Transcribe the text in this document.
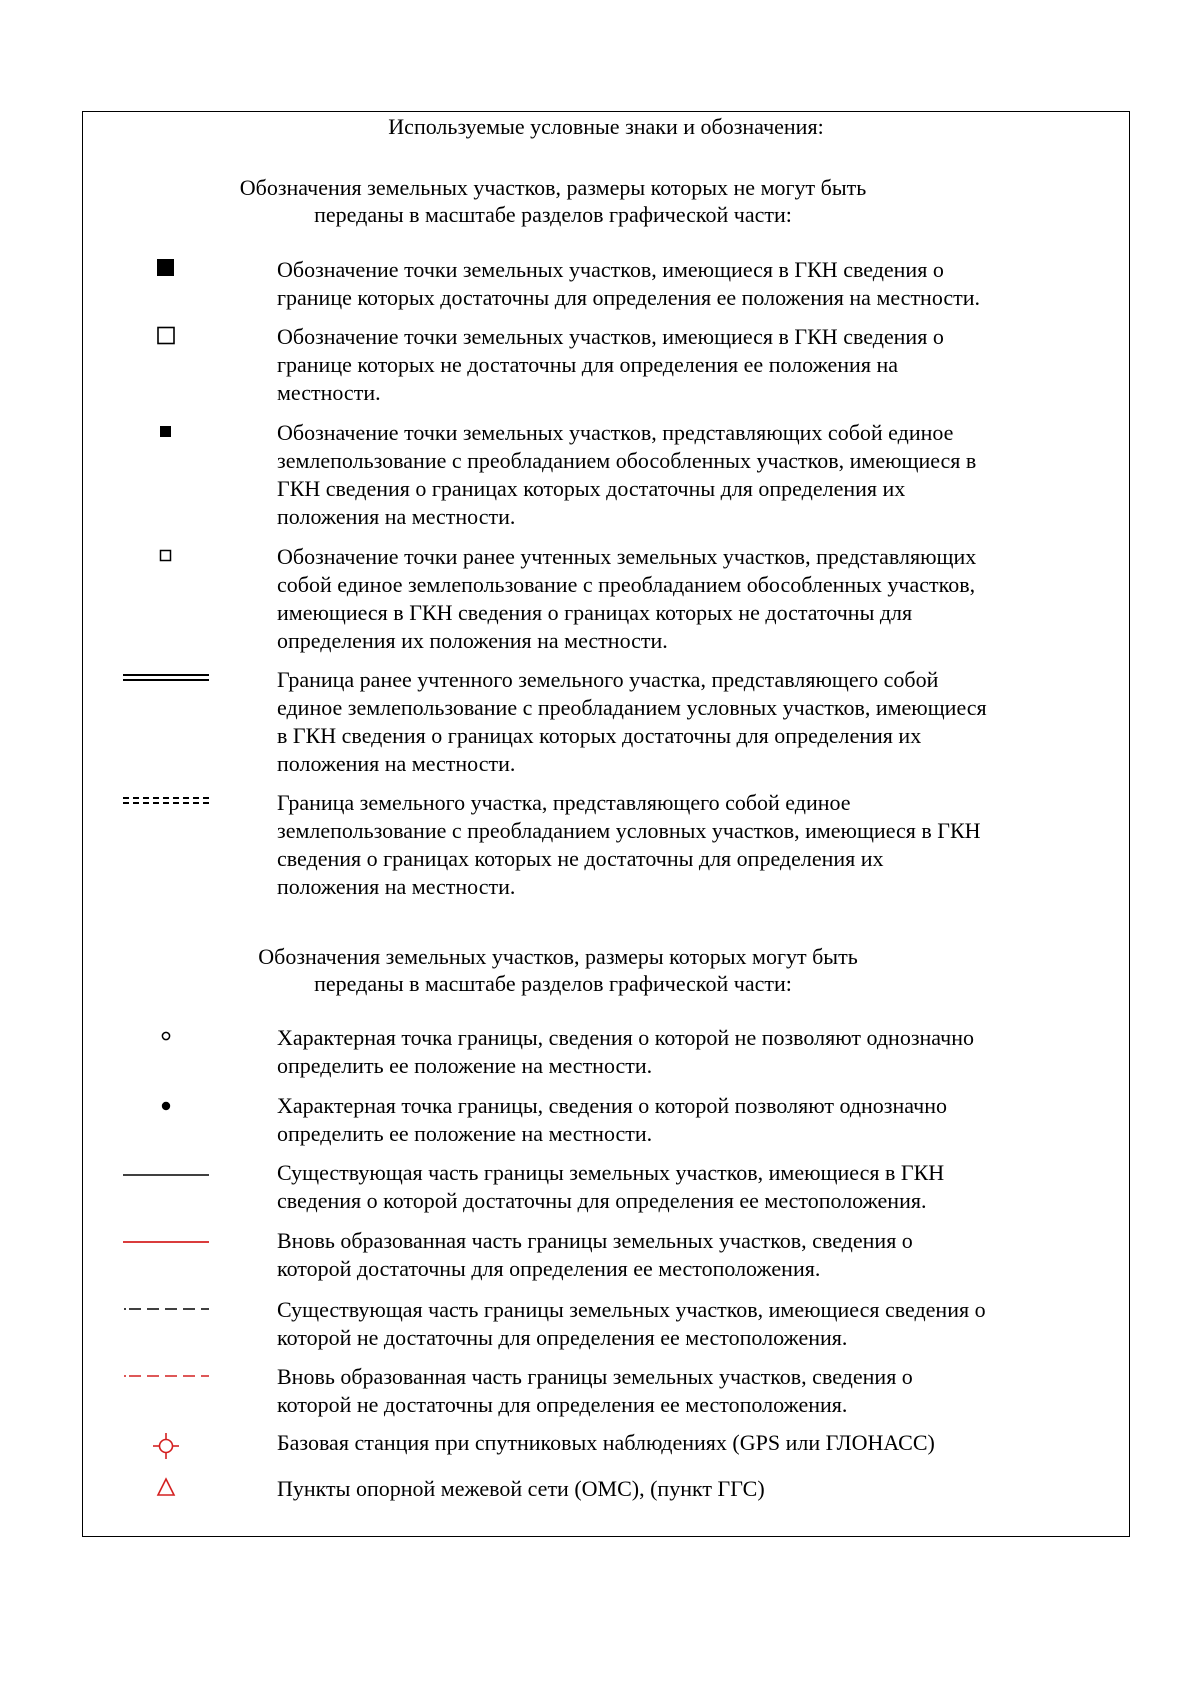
Используемые условные знаки и обозначения:
Обозначения земельных участков, размеры которых не могут быть
переданы в масштабе разделов графической части:
Обозначение точки земельных участков, имеющиеся в ГКН сведения о
границе которых достаточны для определения ее положения на местности.
Обозначение точки земельных участков, имеющиеся в ГКН сведения о
границе которых не достаточны для определения ее положения на
местности.
Обозначение точки земельных участков, представляющих собой единое
землепользование с преобладанием обособленных участков, имеющиеся в
ГКН сведения о границах которых достаточны для определения их
положения на местности.
Обозначение точки ранее учтенных земельных участков, представляющих
собой единое землепользование с преобладанием обособленных участков,
имеющиеся в ГКН сведения о границах которых не достаточны для
определения их положения на местности.
Граница ранее учтенного земельного участка, представляющего собой
единое землепользование с преобладанием условных участков, имеющиеся
в ГКН сведения о границах которых достаточны для определения их
положения на местности.
Граница земельного участка, представляющего собой единое
землепользование с преобладанием условных участков, имеющиеся в ГКН
сведения о границах которых не достаточны для определения их
положения на местности.
Обозначения земельных участков, размеры которых могут быть
переданы в масштабе разделов графической части:
Характерная точка границы, сведения о которой не позволяют однозначно
определить ее положение на местности.
Характерная точка границы, сведения о которой позволяют однозначно
определить ее положение на местности.
Существующая часть границы земельных участков, имеющиеся в ГКН
сведения о которой достаточны для определения ее местоположения.
Вновь образованная часть границы земельных участков, сведения о
которой достаточны для определения ее местоположения.
Существующая часть границы земельных участков, имеющиеся сведения о
которой не достаточны для определения ее местоположения.
Вновь образованная часть границы земельных участков, сведения о
которой не достаточны для определения ее местоположения.
Базовая станция при спутниковых наблюдениях (GPS или ГЛОНАСС)
Пункты опорной межевой сети (ОМС), (пункт ГГС)
